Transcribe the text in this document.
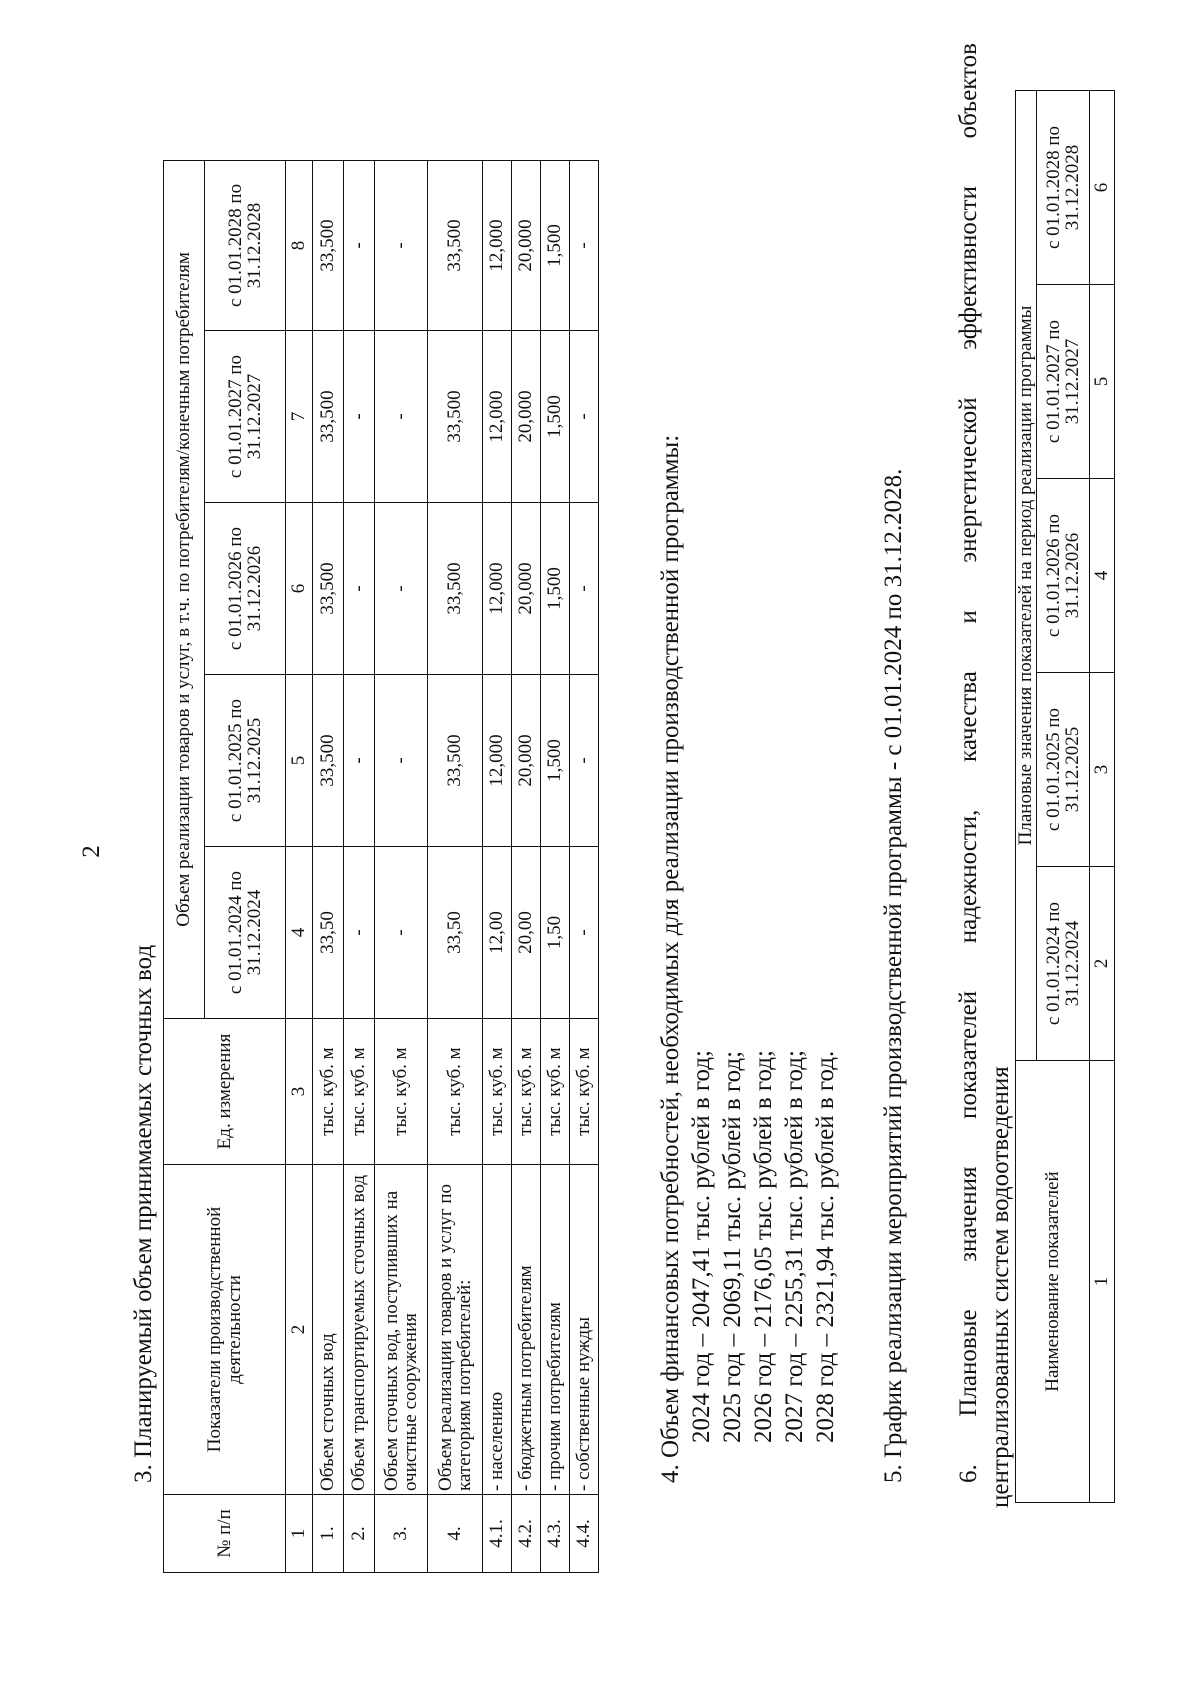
2
3. Планируемый объем принимаемых сточных вод
№ п/п	Показатели производственной деятельности	Ед. измерения	Объем реализации товаров и услуг, в т.ч. по потребителям/конечным потребителям				
			с 01.01.2024 по 31.12.2024	с 01.01.2025 по 31.12.2025	с 01.01.2026 по 31.12.2026	с 01.01.2027 по 31.12.2027	с 01.01.2028 по 31.12.2028
1	2	3	4	5	6	7	8
1.	Объем сточных вод	тыс. куб. м	33,50	33,500	33,500	33,500	33,500
2.	Объем транспортируемых сточных вод	тыс. куб. м	-	-	-	-	-
3.	Объем сточных вод, поступивших на очистные сооружения	тыс. куб. м	-	-	-	-	-
4.	Объем реализации товаров и услуг по категориям потребителей:	тыс. куб. м	33,50	33,500	33,500	33,500	33,500
4.1.	- населению	тыс. куб. м	12,00	12,000	12,000	12,000	12,000
4.2.	- бюджетным потребителям	тыс. куб. м	20,00	20,000	20,000	20,000	20,000
4.3.	- прочим потребителям	тыс. куб. м	1,50	1,500	1,500	1,500	1,500
4.4.	- собственные нужды	тыс. куб. м	-	-	-	-	-
4. Объем финансовых потребностей, необходимых для реализации производственной программы: 2024 год – 2047,41 тыс. рублей в год; 2025 год – 2069,11 тыс. рублей в год; 2026 год – 2176,05 тыс. рублей в год; 2027 год – 2255,31 тыс. рублей в год; 2028 год – 2321,94 тыс. рублей в год. 5. График реализации мероприятий производственной программы - с 01.01.2024 по 31.12.2028. 6.
Плановые
значения
показателей
надежности,
качества
и
энергетической
эффективности
объектов
централизованных систем водоотведения Наименование показателей	Плановые значения показателей на период реализации программы				
	с 01.01.2024 по 31.12.2024	с 01.01.2025 по 31.12.2025	с 01.01.2026 по 31.12.2026	с 01.01.2027 по 31.12.2027	с 01.01.2028 по 31.12.2028
1	2	3	4	5	6
